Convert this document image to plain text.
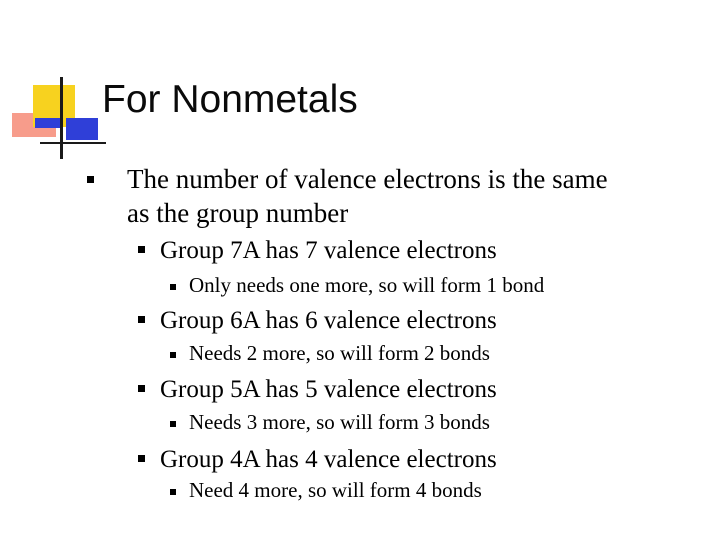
For Nonmetals
The number of valence electrons is the same
as the group number
Group 7A has 7 valence electrons
Only needs one more, so will form 1 bond
Group 6A has 6 valence electrons
Needs 2 more, so will form 2 bonds
Group 5A has 5 valence electrons
Needs 3 more, so will form 3 bonds
Group 4A has 4 valence electrons
Need 4 more, so will form 4 bonds
